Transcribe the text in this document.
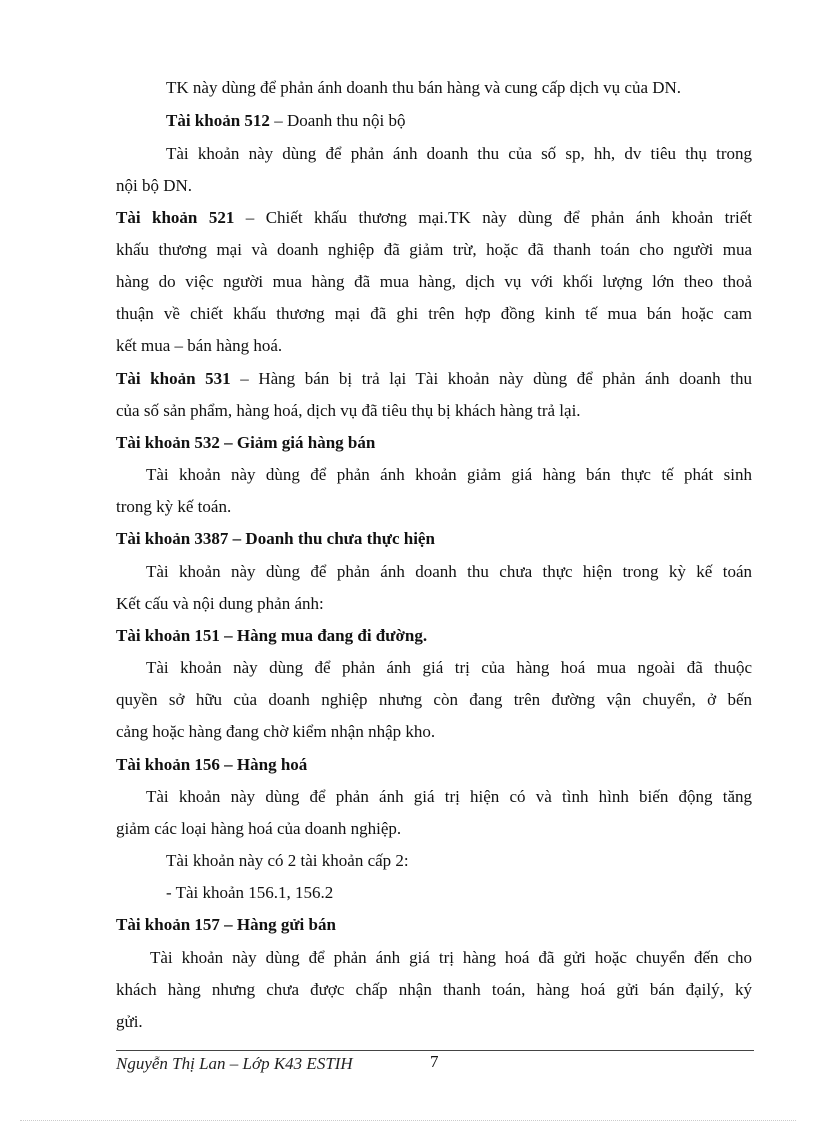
TK này dùng để phản ánh doanh thu bán hàng và cung cấp dịch vụ của DN.
Tài khoản 512 – Doanh thu nội bộ
Tài khoản này dùng để phản ánh doanh thu của số sp, hh, dv tiêu thụ trong
nội bộ DN.
Tài khoản 521 – Chiết khấu thương mại.TK này dùng để phản ánh khoản triết
khấu thương mại và doanh nghiệp đã giảm trừ, hoặc đã thanh toán cho người mua
hàng do việc người mua hàng đã mua hàng, dịch vụ với khối lượng lớn theo thoả
thuận về chiết khấu thương mại đã ghi trên hợp đồng kinh tế mua bán hoặc cam
kết mua – bán hàng hoá.
Tài khoản 531 – Hàng bán bị trả lại Tài khoản này dùng để phản ánh doanh thu
của số sản phẩm, hàng hoá, dịch vụ đã tiêu thụ bị khách hàng trả lại.
Tài khoản 532 – Giảm giá hàng bán
Tài khoản này dùng để phản ánh khoản giảm giá hàng bán thực tế phát sinh
trong kỳ kế toán.
Tài khoản 3387 – Doanh thu chưa thực hiện
Tài khoản này dùng để phản ánh doanh thu chưa thực hiện trong kỳ kế toán
Kết cấu và nội dung phản ánh:
Tài khoản 151 – Hàng mua đang đi đường.
Tài khoản này dùng để phản ánh giá trị của hàng hoá mua ngoài đã thuộc
quyền sở hữu của doanh nghiệp nhưng còn đang trên đường vận chuyển, ở bến
cảng hoặc hàng đang chờ kiểm nhận nhập kho.
Tài khoản 156 – Hàng hoá
Tài khoản này dùng để phản ánh giá trị hiện có và tình hình biến động tăng
giảm các loại hàng hoá của doanh nghiệp.
Tài khoản này có 2 tài khoản cấp 2:
- Tài khoản 156.1, 156.2
Tài khoản 157 – Hàng gửi bán
Tài khoản này dùng để phản ánh giá trị hàng hoá đã gửi hoặc chuyển đến cho
khách hàng nhưng chưa được chấp nhận thanh toán, hàng hoá gửi bán đạilý, ký
gửi.
Nguyễn Thị Lan – Lớp K43 ESTIH	7
